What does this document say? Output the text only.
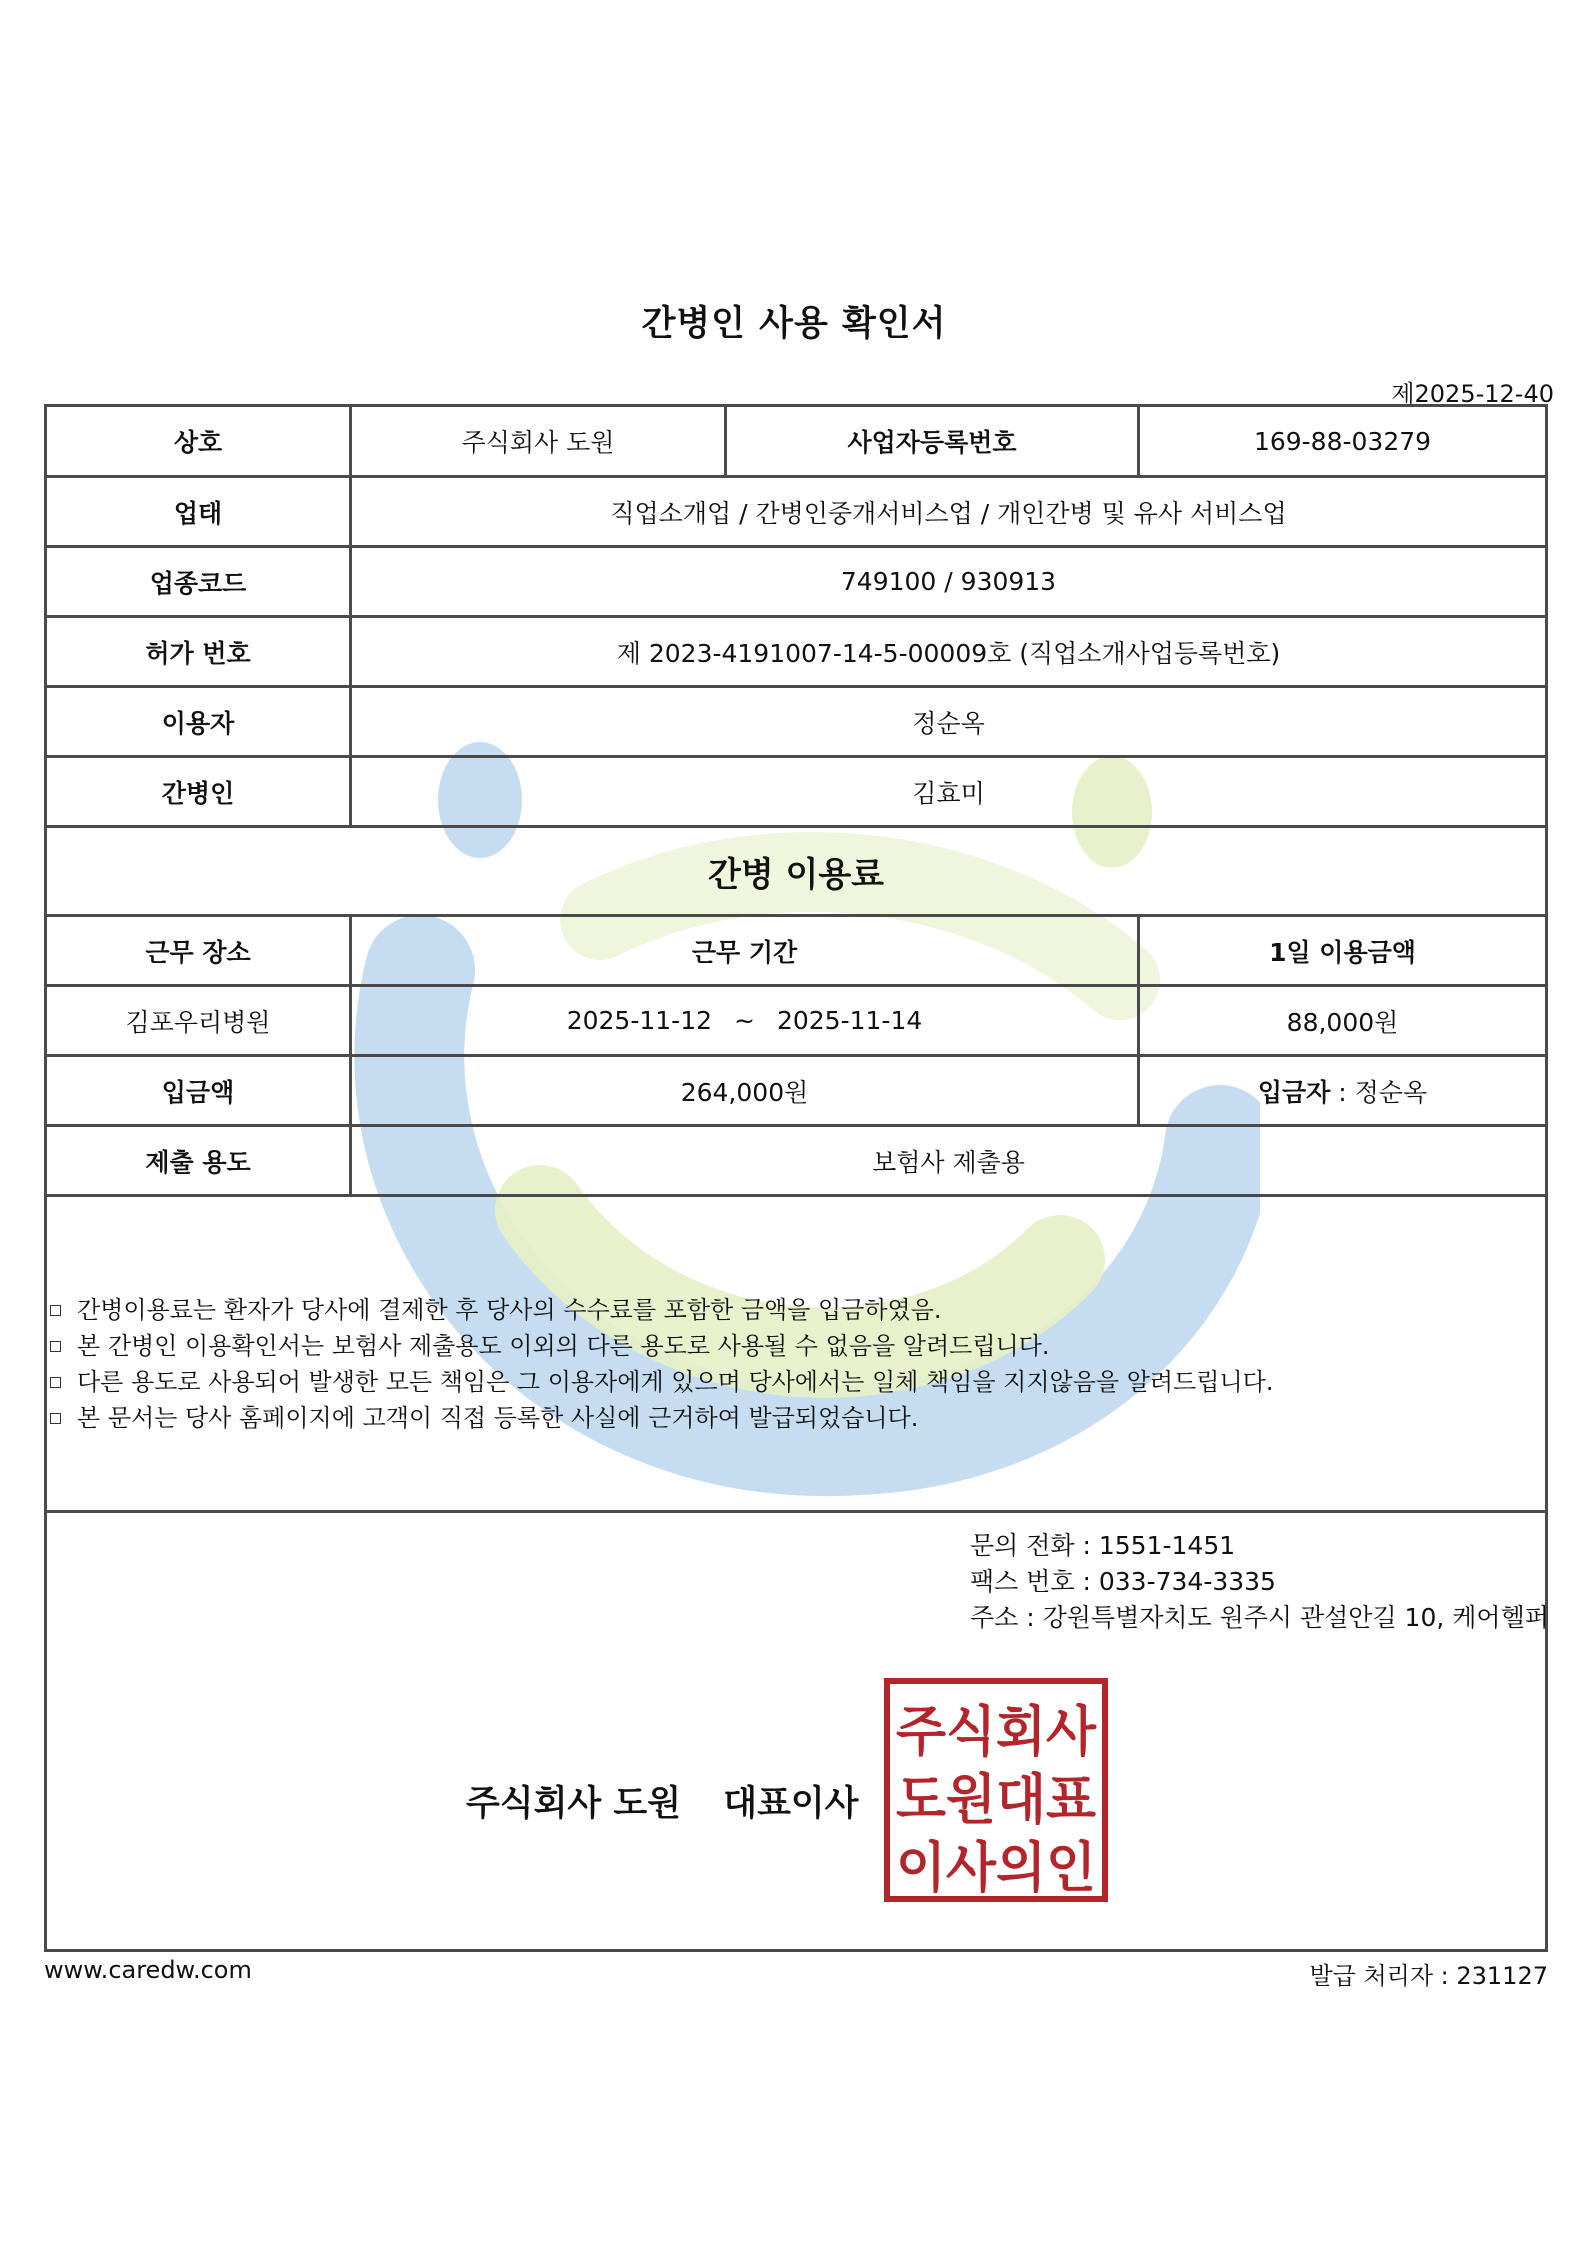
간병인 사용 확인서
제2025-12-40
상호	주식회사 도원	사업자등록번호	169-88-03279
업태	직업소개업 / 간병인중개서비스업 / 개인간병 및 유사 서비스업
업종코드	749100 / 930913
허가 번호	제 2023-4191007-14-5-00009호 (직업소개사업등록번호)
이용자	정순옥
간병인	김효미
간병 이용료
근무 장소	근무 기간	1일 이용금액
김포우리병원	2025-11-12 ~ 2025-11-14	88,000원
입금액	264,000원	입금자 : 정순옥
제출 용도	보험사 제출용
간병이용료는 환자가 당사에 결제한 후 당사의 수수료를 포함한 금액을 입금하였음.
본 간병인 이용확인서는 보험사 제출용도 이외의 다른 용도로 사용될 수 없음을 알려드립니다.
다른 용도로 사용되어 발생한 모든 책임은 그 이용자에게 있으며 당사에서는 일체 책임을 지지않음을 알려드립니다.
본 문서는 당사 홈페이지에 고객이 직접 등록한 사실에 근거하여 발급되었습니다.
문의 전화 : 1551-1451
팩스 번호 : 033-734-3335
주소 : 강원특별자치도 원주시 관설안길 10, 케어헬퍼
주식회사 도원 대표이사
주식회사
도원대표
이사의인
www.caredw.com	발급 처리자 : 231127
